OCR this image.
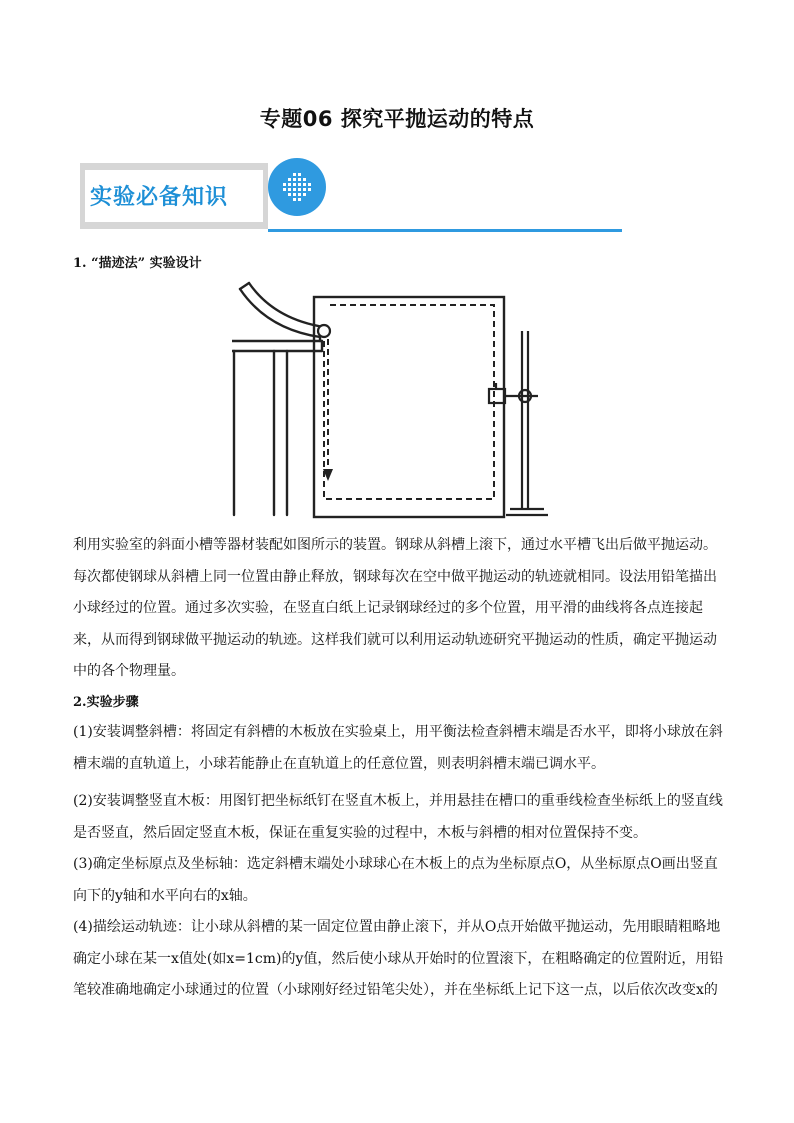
专题06 探究平抛运动的特点
实验必备知识
1. “描迹法” 实验设计

利用实验室的斜面小槽等器材装配如图所示的装置。钢球从斜槽上滚下，通过水平槽飞出后做平抛运动。每次都使钢球从斜槽上同一位置由静止释放，钢球每次在空中做平抛运动的轨迹就相同。设法用铅笔描出小球经过的位置。通过多次实验，在竖直白纸上记录钢球经过的多个位置，用平滑的曲线将各点连接起来，从而得到钢球做平抛运动的轨迹。这样我们就可以利用运动轨迹研究平抛运动的性质，确定平抛运动中的各个物理量。

2.实验步骤

(1)安装调整斜槽：将固定有斜槽的木板放在实验桌上，用平衡法检查斜槽末端是否水平，即将小球放在斜槽末端的直轨道上，小球若能静止在直轨道上的任意位置，则表明斜槽末端已调水平。

(2)安装调整竖直木板：用图钉把坐标纸钉在竖直木板上，并用悬挂在槽口的重垂线检查坐标纸上的竖直线是否竖直，然后固定竖直木板，保证在重复实验的过程中，木板与斜槽的相对位置保持不变。

(3)确定坐标原点及坐标轴：选定斜槽末端处小球球心在木板上的点为坐标原点O，从坐标原点O画出竖直向下的y轴和水平向右的x轴。

(4)描绘运动轨迹：让小球从斜槽的某一固定位置由静止滚下，并从O点开始做平抛运动，先用眼睛粗略地确定小球在某一x值处(如x=1cm)的y值，然后使小球从开始时的位置滚下，在粗略确定的位置附近，用铅笔较准确地确定小球通过的位置（小球刚好经过铅笔尖处），并在坐标纸上记下这一点，以后依次改变x的
